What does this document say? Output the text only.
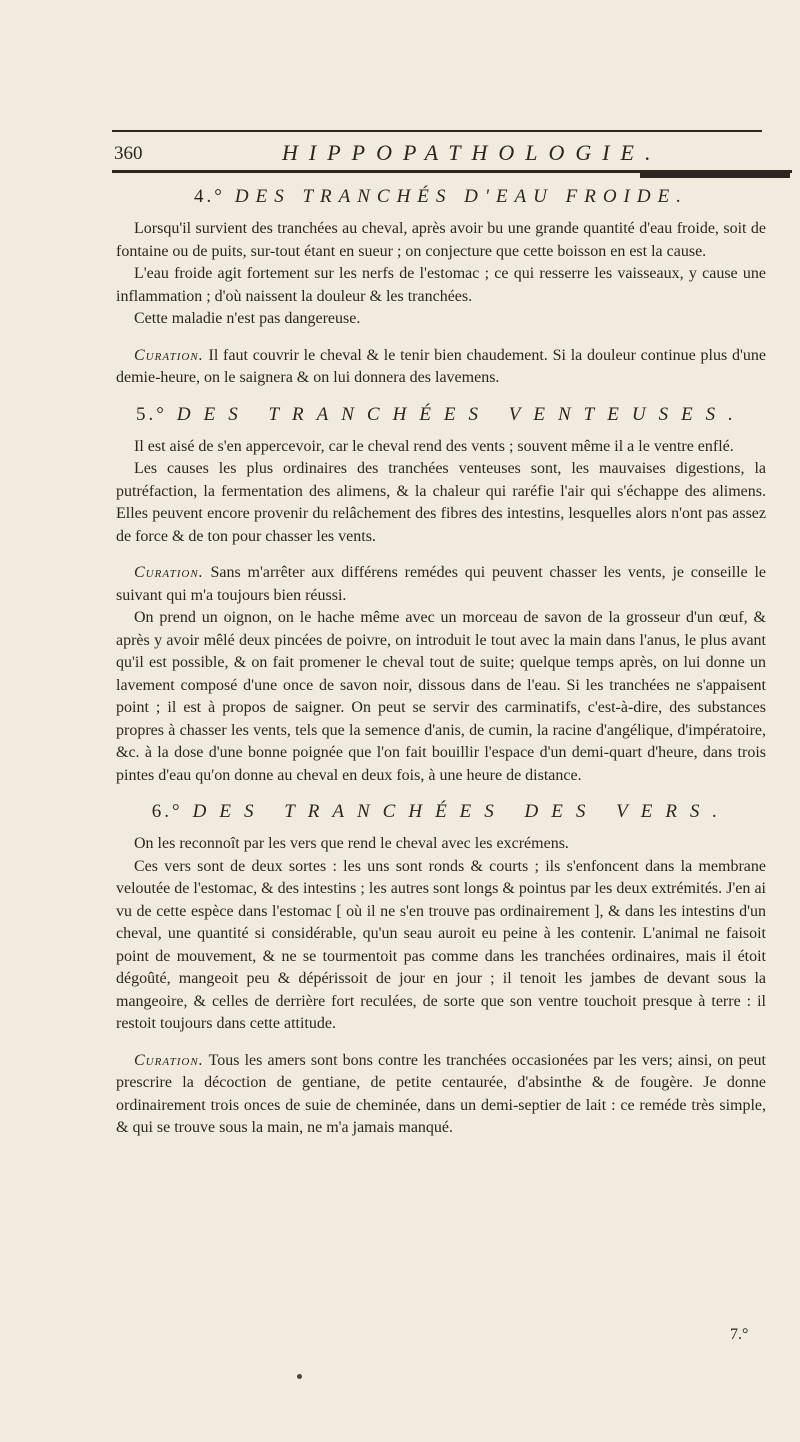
360	HIPPOPATHOLOGIE.
4.° DES TRANCHÉS D'EAU FROIDE.

Lorsqu'il survient des tranchées au cheval, après avoir bu une grande quantité d'eau froide, soit de fontaine ou de puits, sur-tout étant en sueur ; on conjecture que cette boisson en est la cause.

L'eau froide agit fortement sur les nerfs de l'estomac ; ce qui resserre les vaisseaux, y cause une inflammation ; d'où naissent la douleur & les tranchées.

Cette maladie n'est pas dangereuse.

Curation. Il faut couvrir le cheval & le tenir bien chaudement. Si la douleur continue plus d'une demie-heure, on le saignera & on lui donnera des lavemens.

5.° DES TRANCHÉES VENTEUSES.

Il est aisé de s'en appercevoir, car le cheval rend des vents ; souvent même il a le ventre enflé.

Les causes les plus ordinaires des tranchées venteuses sont, les mauvaises digestions, la putréfaction, la fermentation des alimens, & la chaleur qui raréfie l'air qui s'échappe des alimens. Elles peuvent encore provenir du relâchement des fibres des intestins, lesquelles alors n'ont pas assez de force & de ton pour chasser les vents.

Curation. Sans m'arrêter aux différens remédes qui peuvent chasser les vents, je conseille le suivant qui m'a toujours bien réussi.

On prend un oignon, on le hache même avec un morceau de savon de la grosseur d'un œuf, & après y avoir mêlé deux pincées de poivre, on introduit le tout avec la main dans l'anus, le plus avant qu'il est possible, & on fait promener le cheval tout de suite; quelque temps après, on lui donne un lavement composé d'une once de savon noir, dissous dans de l'eau. Si les tranchées ne s'appaisent point ; il est à propos de saigner. On peut se servir des carminatifs, c'est-à-dire, des substances propres à chasser les vents, tels que la semence d'anis, de cumin, la racine d'angélique, d'impératoire, &c. à la dose d'une bonne poignée que l'on fait bouillir l'espace d'un demi-quart d'heure, dans trois pintes d'eau qu'on donne au cheval en deux fois, à une heure de distance.

6.° DES TRANCHÉES DES VERS.

On les reconnoît par les vers que rend le cheval avec les excrémens.

Ces vers sont de deux sortes : les uns sont ronds & courts ; ils s'enfoncent dans la membrane veloutée de l'estomac, & des intestins ; les autres sont longs & pointus par les deux extrémités. J'en ai vu de cette espèce dans l'estomac [ où il ne s'en trouve pas ordinairement ], & dans les intestins d'un cheval, une quantité si considérable, qu'un seau auroit eu peine à les contenir. L'animal ne faisoit point de mouvement, & ne se tourmentoit pas comme dans les tranchées ordinaires, mais il étoit dégoûté, mangeoit peu & dépérissoit de jour en jour ; il tenoit les jambes de devant sous la mangeoire, & celles de derrière fort reculées, de sorte que son ventre touchoit presque à terre : il restoit toujours dans cette attitude.

Curation. Tous les amers sont bons contre les tranchées occasionées par les vers; ainsi, on peut prescrire la décoction de gentiane, de petite centaurée, d'absinthe & de fougère. Je donne ordinairement trois onces de suie de cheminée, dans un demi-septier de lait : ce reméde très simple, & qui se trouve sous la main, ne m'a jamais manqué.

7.°
